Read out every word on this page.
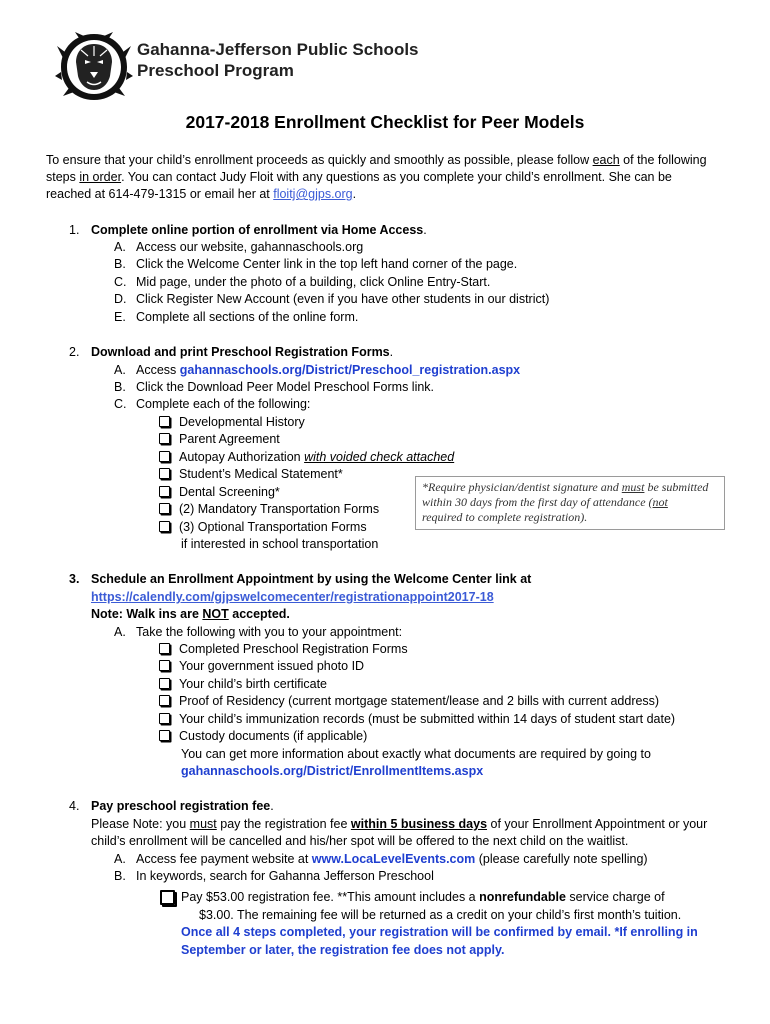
Gahanna-Jefferson Public Schools
Preschool Program
2017-2018 Enrollment Checklist for Peer Models
To ensure that your child’s enrollment proceeds as quickly and smoothly as possible, please follow each of the following
steps in order. You can contact Judy Floit with any questions as you complete your child’s enrollment. She can be
reached at 614-479-1315 or email her at floitj@gjps.org.
1. Complete online portion of enrollment via Home Access.
A. Access our website, gahannaschools.org
B. Click the Welcome Center link in the top left hand corner of the page.
C. Mid page, under the photo of a building, click Online Entry-Start.
D. Click Register New Account (even if you have other students in our district)
E. Complete all sections of the online form.
2. Download and print Preschool Registration Forms.
A. Access gahannaschools.org/District/Preschool_registration.aspx
B. Click the Download Peer Model Preschool Forms link.
C. Complete each of the following:
Developmental History
Parent Agreement
Autopay Authorization with voided check attached
Student’s Medical Statement*
Dental Screening*
(2) Mandatory Transportation Forms
(3) Optional Transportation Forms
if interested in school transportation
*Require physician/dentist signature and must be submitted
within 30 days from the first day of attendance (not
required to complete registration).
3. Schedule an Enrollment Appointment by using the Welcome Center link at
https://calendly.com/gjpswelcomecenter/registrationappoint2017-18
Note: Walk ins are NOT accepted.
A. Take the following with you to your appointment:
Completed Preschool Registration Forms
Your government issued photo ID
Your child’s birth certificate
Proof of Residency (current mortgage statement/lease and 2 bills with current address)
Your child’s immunization records (must be submitted within 14 days of student start date)
Custody documents (if applicable)
You can get more information about exactly what documents are required by going to
gahannaschools.org/District/EnrollmentItems.aspx
4. Pay preschool registration fee.
Please Note: you must pay the registration fee within 5 business days of your Enrollment Appointment or your
child’s enrollment will be cancelled and his/her spot will be offered to the next child on the waitlist.
A. Access fee payment website at www.LocaLevelEvents.com (please carefully note spelling)
B. In keywords, search for Gahanna Jefferson Preschool
Pay $53.00 registration fee. **This amount includes a nonrefundable service charge of
$3.00. The remaining fee will be returned as a credit on your child’s first month’s tuition.
Once all 4 steps completed, your registration will be confirmed by email. *If enrolling in
September or later, the registration fee does not apply.
